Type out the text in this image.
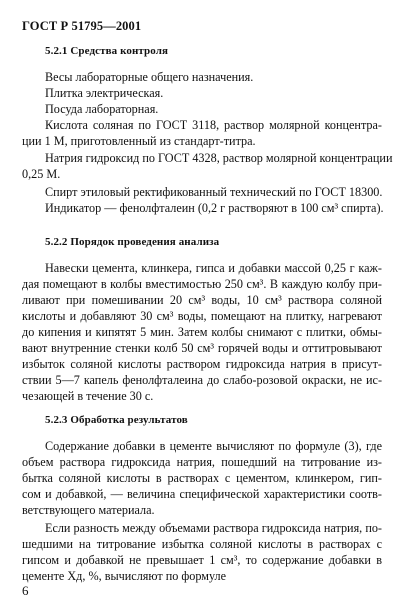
ГОСТ Р 51795—2001
5.2.1 Средства контроля
Весы лабораторные общего назначения.
Плитка электрическая.
Посуда лабораторная.
Кислота соляная по ГОСТ 3118, раствор молярной концентра-
ции 1 М, приготовленный из стандарт-титра.
Натрия гидроксид по ГОСТ 4328, раствор молярной концентрации
0,25 М.
Спирт этиловый ректификованный технический по ГОСТ 18300.
Индикатор — фенолфталеин (0,2 г растворяют в 100 см³ спирта).
5.2.2 Порядок проведения анализа
Навески цемента, клинкера, гипса и добавки массой 0,25 г каж-
дая помещают в колбы вместимостью 250 см³. В каждую колбу при-
ливают при помешивании 20 см³ воды, 10 см³ раствора соляной
кислоты и добавляют 30 см³ воды, помещают на плитку, нагревают
до кипения и кипятят 5 мин. Затем колбы снимают с плитки, обмы-
вают внутренние стенки колб 50 см³ горячей воды и оттитровывают
избыток соляной кислоты раствором гидроксида натрия в присут-
ствии 5—7 капель фенолфталеина до слабо-розовой окраски, не ис-
чезающей в течение 30 с.
5.2.3 Обработка результатов
Содержание добавки в цементе вычисляют по формуле (3), где
объем раствора гидроксида натрия, пошедший на титрование из-
бытка соляной кислоты в растворах с цементом, клинкером, гип-
сом и добавкой, — величина специфической характеристики соотв-
ветствующего материала.
Если разность между объемами раствора гидроксида натрия, по-
шедшими на титрование избытка соляной кислоты в растворах с
гипсом и добавкой не превышает 1 см³, то содержание добавки в
цементе Xд, %, вычисляют по формуле
6
